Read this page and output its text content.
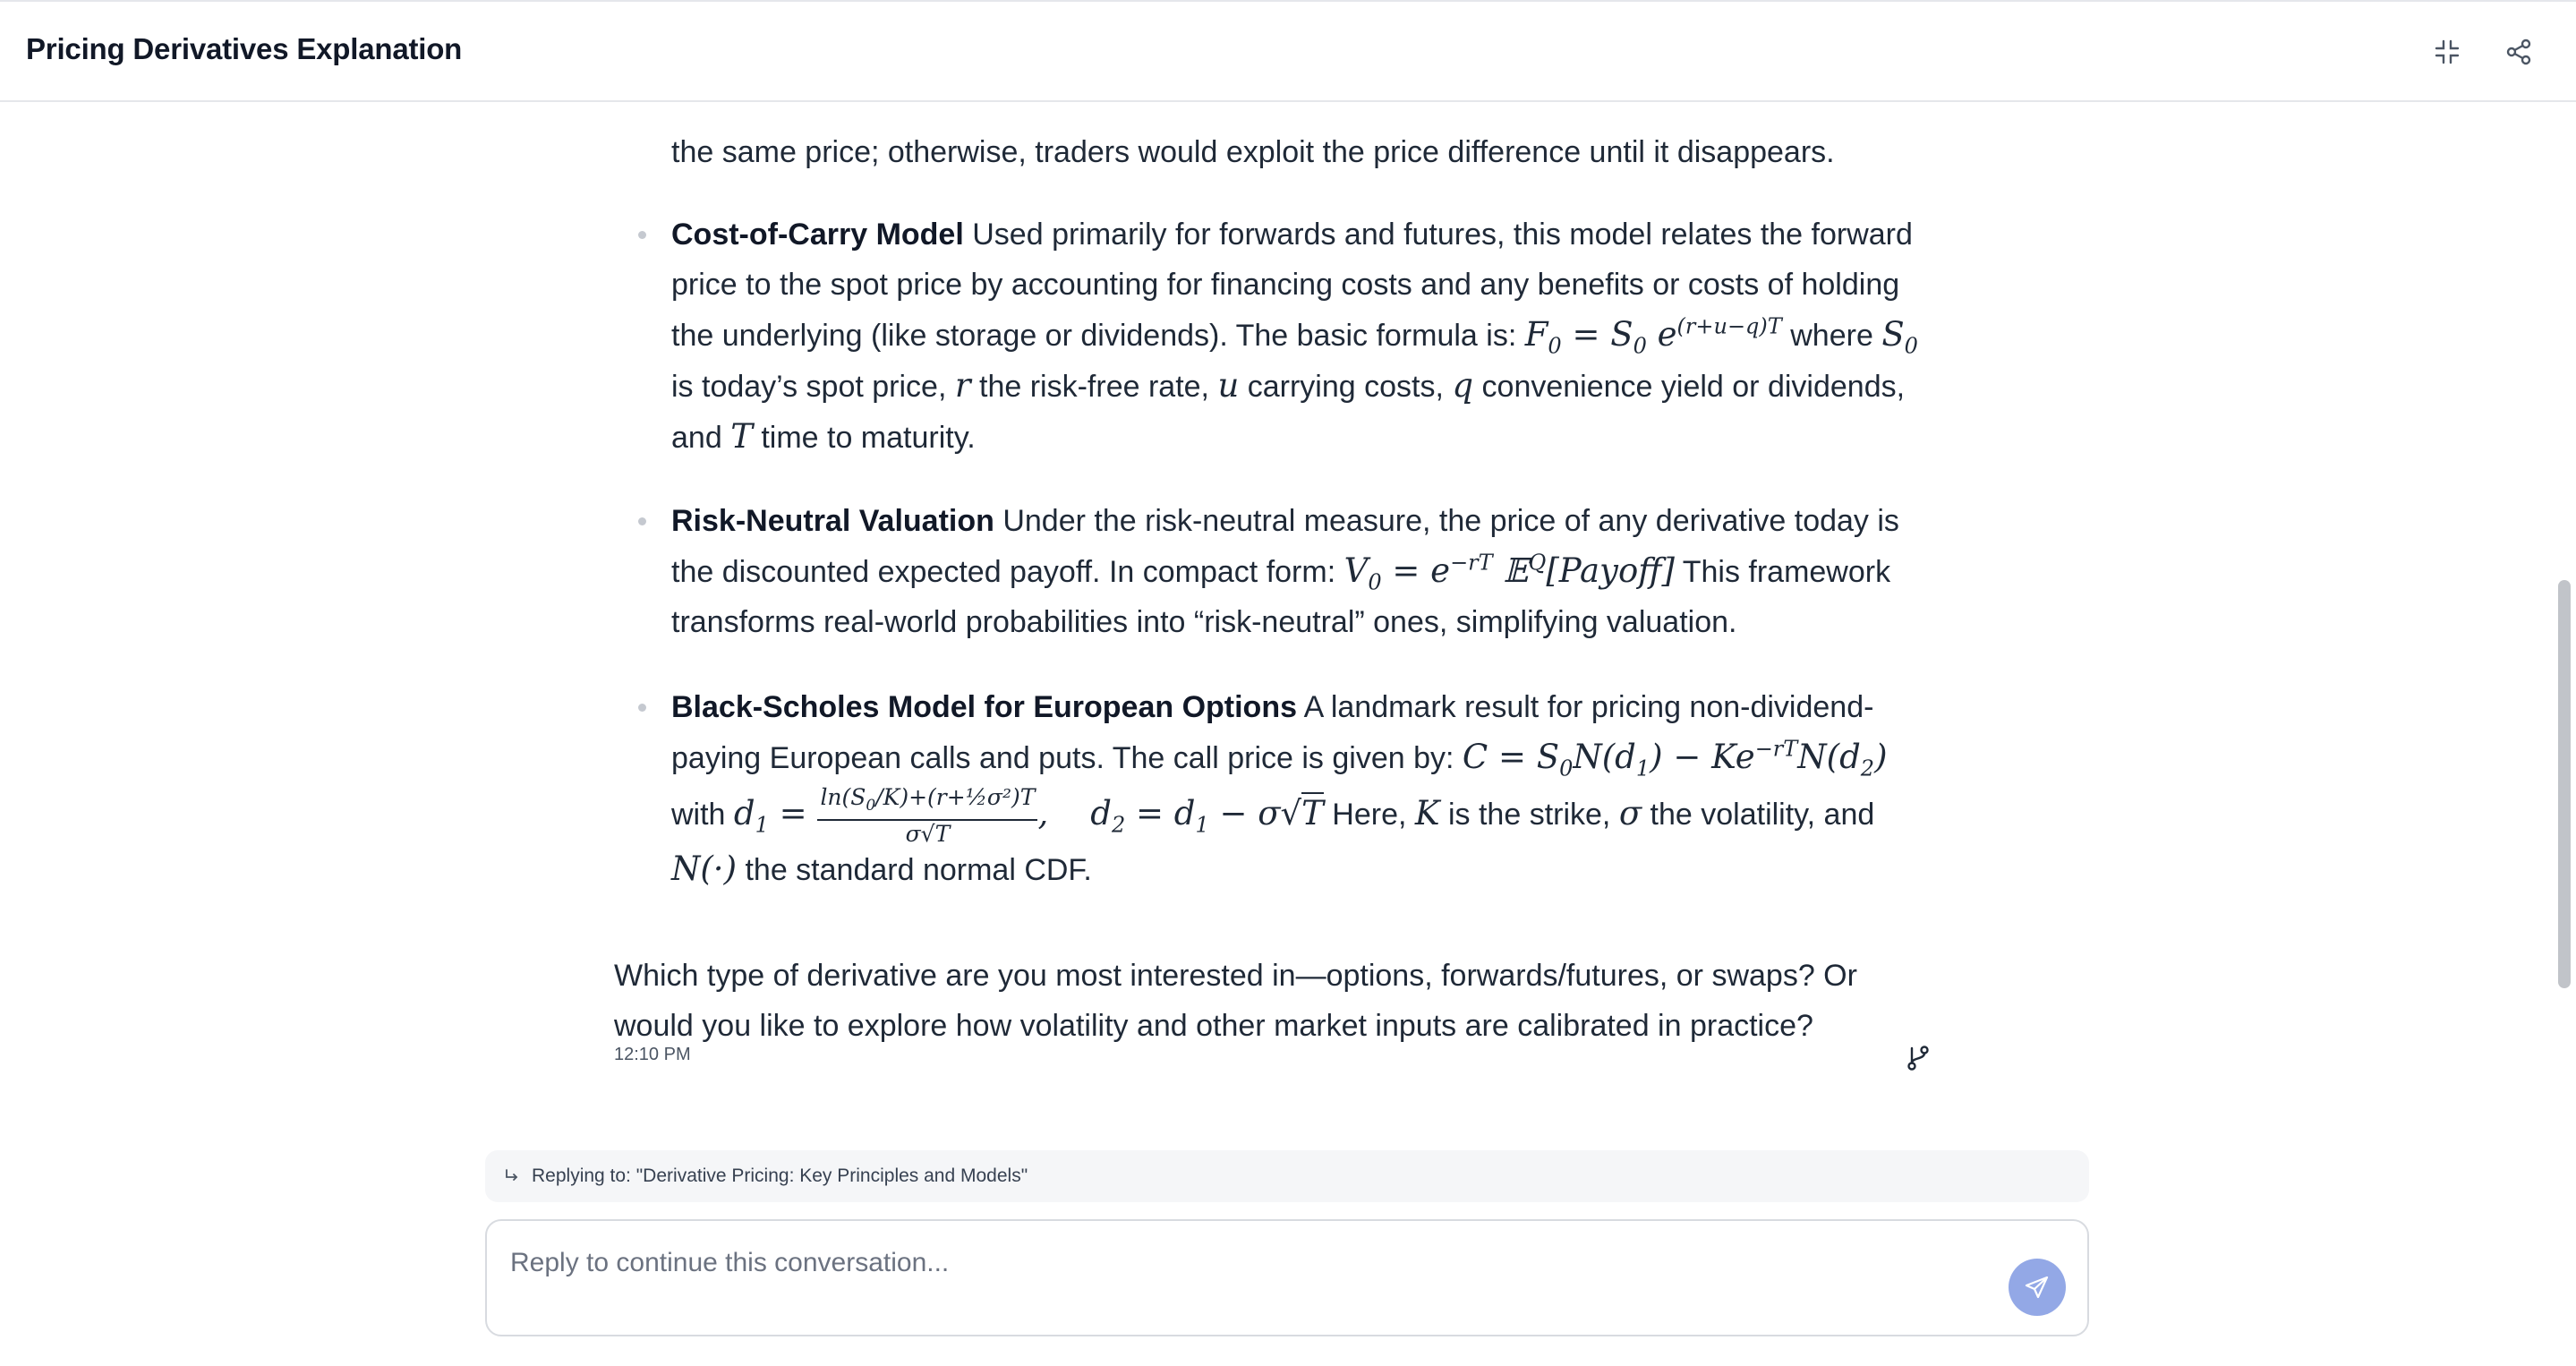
Pricing Derivatives Explanation
the same price; otherwise, traders would exploit the price difference until it disappears.
Cost-of-Carry Model Used primarily for forwards and futures, this model relates the forward
price to the spot price by accounting for financing costs and any benefits or costs of holding
the underlying (like storage or dividends). The basic formula is: $F_0 = S_0$ $e^{(r+u-q)T}$ where $S_0$
is today’s spot price, r the risk-free rate, u carrying costs, q convenience yield or dividends,
and T time to maturity.
Risk-Neutral Valuation Under the risk-neutral measure, the price of any derivative today is
the discounted expected payoff. In compact form: $V_0 = e^{-rT}$ 𝔼$^Q$[Payoff] This framework
transforms real-world probabilities into “risk-neutral” ones, simplifying valuation.
Black-Scholes Model for European Options A landmark result for pricing non-dividend-
paying European calls and puts. The call price is given by: $C = S_0N(d_1) - Ke^{-rT}N(d_2)$
with $d_1 = \frac{\ln(S_0/K)+(r+\frac{1}{2}\sigma^2)T}{\sigma√T}$ ,    $d_2 = d_1 - \sigma√T$ Here, K is the strike, σ the volatility, and
N(·) the standard normal CDF.
Which type of derivative are you most interested in—options, forwards/futures, or swaps? Or
would you like to explore how volatility and other market inputs are calibrated in practice?
12:10 PM
Replying to: "Derivative Pricing: Key Principles and Models"
Reply to continue this conversation...
